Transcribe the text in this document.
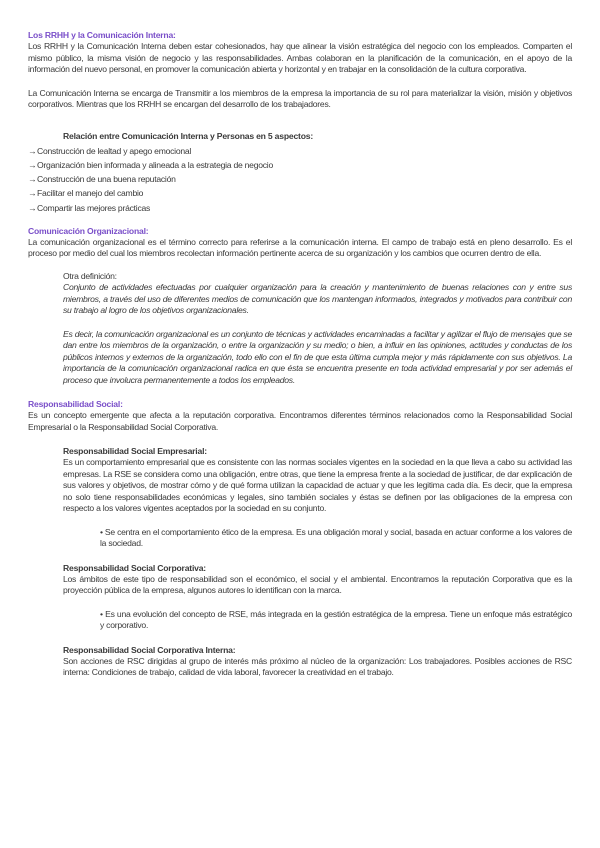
Los RRHH y la Comunicación Interna:

Los RRHH y la Comunicación Interna deben estar cohesionados, hay que alinear la visión estratégica del negocio con los empleados. Comparten el mismo público, la misma visión de negocio y las responsabilidades. Ambas colaboran en la planificación de la comunicación, en el apoyo de la información del nuevo personal, en promover la comunicación abierta y horizontal y en trabajar en la consolidación de la cultura corporativa.

La Comunicación Interna se encarga de Transmitir a los miembros de la empresa la importancia de su rol para materializar la visión, misión y objetivos corporativos. Mientras que los RRHH se encargan del desarrollo de los trabajadores.

Relación entre Comunicación Interna y Personas en 5 aspectos:

→Construcción de lealtad y apego emocional
→Organización bien informada y alineada a la estrategia de negocio
→Construcción de una buena reputación
→Facilitar el manejo del cambio
→Compartir las mejores prácticas

Comunicación Organizacional:

La comunicación organizacional es el término correcto para referirse a la comunicación interna. El campo de trabajo está en pleno desarrollo. Es el proceso por medio del cual los miembros recolectan información pertinente acerca de su organización y los cambios que ocurren dentro de ella.

Otra definición:

Conjunto de actividades efectuadas por cualquier organización para la creación y mantenimiento de buenas relaciones con y entre sus miembros, a través del uso de diferentes medios de comunicación que los mantengan informados, integrados y motivados para contribuir con su trabajo al logro de los objetivos organizacionales.

Es decir, la comunicación organizacional es un conjunto de técnicas y actividades encaminadas a facilitar y agilizar el flujo de mensajes que se dan entre los miembros de la organización, o entre la organización y su medio; o bien, a influir en las opiniones, actitudes y conductas de los públicos internos y externos de la organización, todo ello con el fin de que esta última cumpla mejor y más rápidamente con sus objetivos. La importancia de la comunicación organizacional radica en que ésta se encuentra presente en toda actividad empresarial y por ser además el proceso que involucra permanentemente a todos los empleados.

Responsabilidad Social:

Es un concepto emergente que afecta a la reputación corporativa. Encontramos diferentes términos relacionados como la Responsabilidad Social Empresarial o la Responsabilidad Social Corporativa.

Responsabilidad Social Empresarial:

Es un comportamiento empresarial que es consistente con las normas sociales vigentes en la sociedad en la que lleva a cabo su actividad las empresas. La RSE se considera como una obligación, entre otras, que tiene la empresa frente a la sociedad de justificar, de dar explicación de sus valores y objetivos, de mostrar cómo y de qué forma utilizan la capacidad de actuar y que les legitima cada día. Es decir, que la empresa no solo tiene responsabilidades económicas y legales, sino también sociales y éstas se definen por las obligaciones de la empresa con respecto a los valores vigentes aceptados por la sociedad en su conjunto.

• Se centra en el comportamiento ético de la empresa. Es una obligación moral y social, basada en actuar conforme a los valores de la sociedad.

Responsabilidad Social Corporativa:

Los ámbitos de este tipo de responsabilidad son el económico, el social y el ambiental. Encontramos la reputación Corporativa que es la proyección pública de la empresa, algunos autores lo identifican con la marca.

• Es una evolución del concepto de RSE, más integrada en la gestión estratégica de la empresa. Tiene un enfoque más estratégico y corporativo.

Responsabilidad Social Corporativa Interna:

Son acciones de RSC dirigidas al grupo de interés más próximo al núcleo de la organización: Los trabajadores. Posibles acciones de RSC interna: Condiciones de trabajo, calidad de vida laboral, favorecer la creatividad en el trabajo.
